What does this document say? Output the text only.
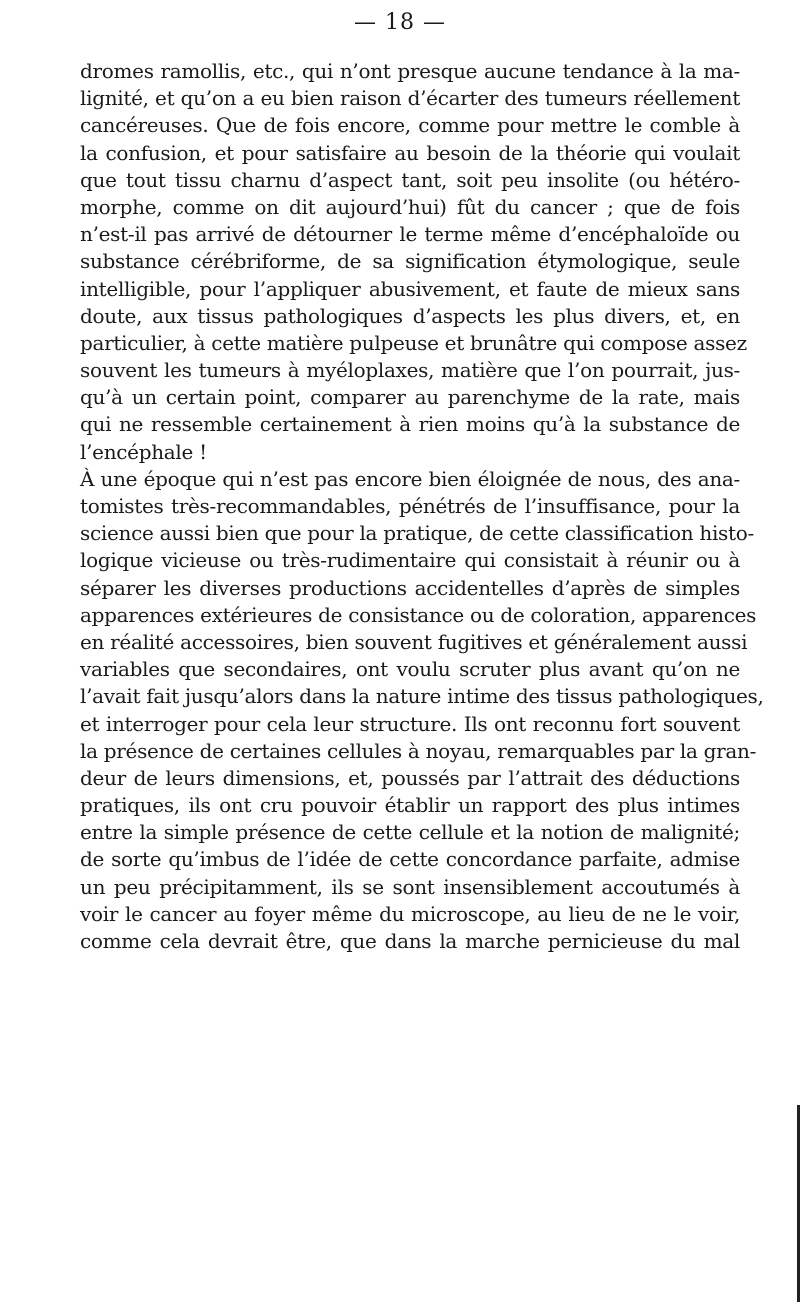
— 18 —
dromes ramollis, etc., qui n’ont presque aucune tendance à la ma-
lignité, et qu’on a eu bien raison d’écarter des tumeurs réellement
cancéreuses. Que de fois encore, comme pour mettre le comble à
la confusion, et pour satisfaire au besoin de la théorie qui voulait
que tout tissu charnu d’aspect tant, soit peu insolite (ou hétéro-
morphe, comme on dit aujourd’hui) fût du cancer ; que de fois
n’est-il pas arrivé de détourner le terme même d’encéphaloïde ou
substance cérébriforme, de sa signification étymologique, seule
intelligible, pour l’appliquer abusivement, et faute de mieux sans
doute, aux tissus pathologiques d’aspects les plus divers, et, en
particulier, à cette matière pulpeuse et brunâtre qui compose assez
souvent les tumeurs à myéloplaxes, matière que l’on pourrait, jus-
qu’à un certain point, comparer au parenchyme de la rate, mais
qui ne ressemble certainement à rien moins qu’à la substance de
l’encéphale !
À une époque qui n’est pas encore bien éloignée de nous, des ana-
tomistes très-recommandables, pénétrés de l’insuffisance, pour la
science aussi bien que pour la pratique, de cette classification histo-
logique vicieuse ou très-rudimentaire qui consistait à réunir ou à
séparer les diverses productions accidentelles d’après de simples
apparences extérieures de consistance ou de coloration, apparences
en réalité accessoires, bien souvent fugitives et généralement aussi
variables que secondaires, ont voulu scruter plus avant qu’on ne
l’avait fait jusqu’alors dans la nature intime des tissus pathologiques,
et interroger pour cela leur structure. Ils ont reconnu fort souvent
la présence de certaines cellules à noyau, remarquables par la gran-
deur de leurs dimensions, et, poussés par l’attrait des déductions
pratiques, ils ont cru pouvoir établir un rapport des plus intimes
entre la simple présence de cette cellule et la notion de malignité;
de sorte qu’imbus de l’idée de cette concordance parfaite, admise
un peu précipitamment, ils se sont insensiblement accoutumés à
voir le cancer au foyer même du microscope, au lieu de ne le voir,
comme cela devrait être, que dans la marche pernicieuse du mal
